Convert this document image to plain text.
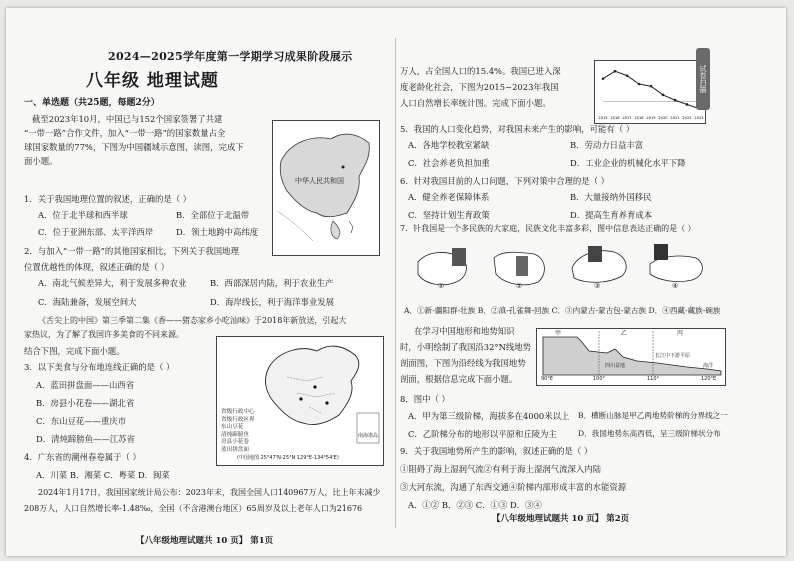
2024—2025学年度第一学期学习成果阶段展示
八年级 地理试题
一、单选题（共25题，每题2分）
截至2023年10月，中国已与152个国家签署了共建
“一带一路”合作文件，加入“一带一路”的国家数量占全
球国家数量的77%，下图为中国疆域示意图，读图，完成下
面小题。
中华人民共和国
1．关于我国地理位置的叙述，正确的是（ ）
A．位于北半球和西半球	B．全部位于北温带
C．位于亚洲东部、太平洋西岸	D．领土地跨中高纬度
2．与加入“一带一路”的其他国家相比，下列关于我国地理
位置优越性的体现，叙述正确的是（ ）
A．南北气候差异大，利于发展多种农业	B．西部深居内陆，利于农业生产
C．海陆兼备，发展空间大	D．海岸线长，利于海洋事业发展
《舌尖上的中国》第三季第二集《香——猪态家乡小吃汕味》于2018年新放送，引起大
家热议，为了解了我国许多美食的不同来源。
结合下图，完成下面小题。
3．以下美食与分布地连线正确的是（ ）
A．蓝田拼盘面——山西省
B．房县小花卷——湖北省
C．东山豆花——重庆市
D．清炖蹄膀鱼——江苏省
4．广东省的潮州春卷属于（ ）
A．川菜 B．湘菜 C．粤菜 D．闽菜
南海诸岛
省级行政中心
省级行政区界
东山豆花
清炖蹄膀鱼
房县小花卷
蓝田拼盘面
(中国地图 25°47'N-25°N 129°E-134°54'E)
2024年1月17日，我国国家统计局公布：2023年末，我国全国人口140967万人，比上年末减少
208万人，人口自然增长率-1.48‰，全国（不含港澳台地区）65周岁及以上老年人口为21676
【八年级地理试题共 10 页】 第1页
万人，占全国人口的15.4%。我国已进入深
度老龄化社会，下图为2015~2023年我国
人口自然增长率统计图。完成下面小题。
2015 2016 2017 2018 2019 2020 2021 2022 2023
5．我国的人口变化趋势，对我国未来产生的影响，可能有（ ）
A．各地学校教室紧缺	B．劳动力日益丰富
C．社会养老负担加重	D．工业企业的机械化水平下降
6．针对我国目前的人口问题，下列对策中合理的是（ ）
A．健全养老保障体系	B．大量接纳外国移民
C．坚持计划生育政策	D．提高生育养育成本
7．针我国是一个多民族的大家庭，民族文化丰富多彩，图中信息表达正确的是（ ）
①	②	③	④
A．①新-疆阳群-壮族 B．②滇-孔雀舞-回族 C．③内蒙古-蒙古包-蒙古族 D．④西藏-藏族-碗族
在学习中国地形和地势知识
时，小明绘制了我国沿32°N线地势
剖面图，下图为沿经线为我国地势
剖面，根据信息完成下面小题。
甲	乙	丙
四川盆地
长江中下游平原
海洋
90°E	100°	110°	120°E
8．图中（ ）
A．甲为第三级阶梯，海拔多在4000米以上 B．横断山脉是甲乙两地势阶梯的分界线之一
C．乙阶梯分布的地形以平原和丘陵为主	D．我国地势东高西低，呈三级阶梯状分布
9．关于我国地势所产生的影响，叙述正确的是（ ）
①阻碍了海上湿润气流②有利于海上湿润气流深入内陆
③大河东流，沟通了东西交通④阶梯内部形成丰富的水能资源
A．①② B．②③ C．①③ D．③④
【八年级地理试题共 10 页】 第2页
试卷扫描
